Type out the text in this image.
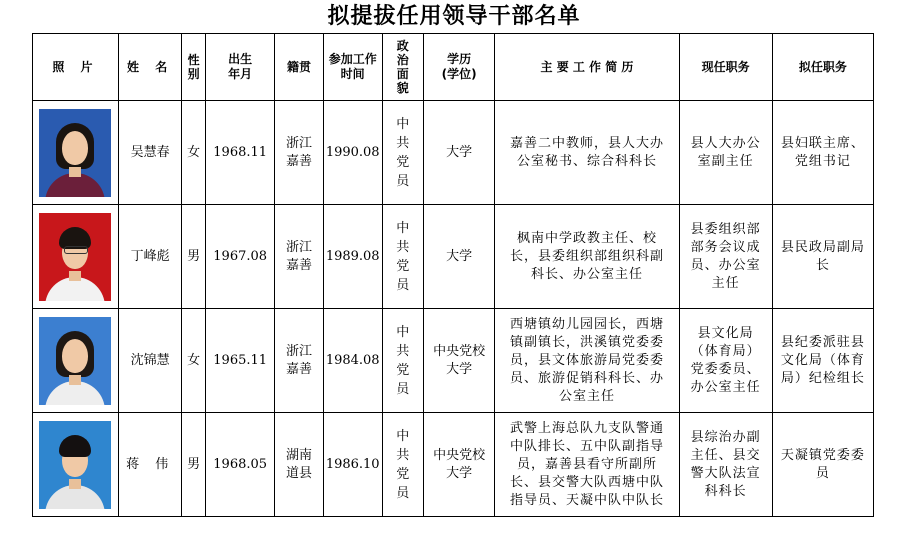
拟提拔任用领导干部名单
照 片	姓 名	性别	出生年月	籍贯	参加工作时间	政治面貌	学历(学位)	主 要 工 作 简 历	现任职务	拟任职务

	吴慧春	女	1968.11	浙江嘉善	1990.08	中共党员	大学	嘉善二中教师，县人大办公室秘书、综合科科长	县人大办公室副主任	县妇联主席、党组书记

	丁峰彪	男	1967.08	浙江嘉善	1989.08	中共党员	大学	枫南中学政教主任、校长，县委组织部组织科副科长、办公室主任	县委组织部部务会议成员、办公室主任	县民政局副局长

	沈锦慧	女	1965.11	浙江嘉善	1984.08	中共党员	中央党校大学	西塘镇幼儿园园长，西塘镇副镇长，洪溪镇党委委员，县文体旅游局党委委员、旅游促销科科长、办公室主任	县文化局（体育局）党委委员、办公室主任	县纪委派驻县文化局（体育局）纪检组长

	蒋 伟	男	1968.05	湖南道县	1986.10	中共党员	中央党校大学	武警上海总队九支队警通中队排长、五中队副指导员，嘉善县看守所副所长、县交警大队西塘中队指导员、天凝中队中队长	县综治办副主任、县交警大队法宣科科长	天凝镇党委委员
